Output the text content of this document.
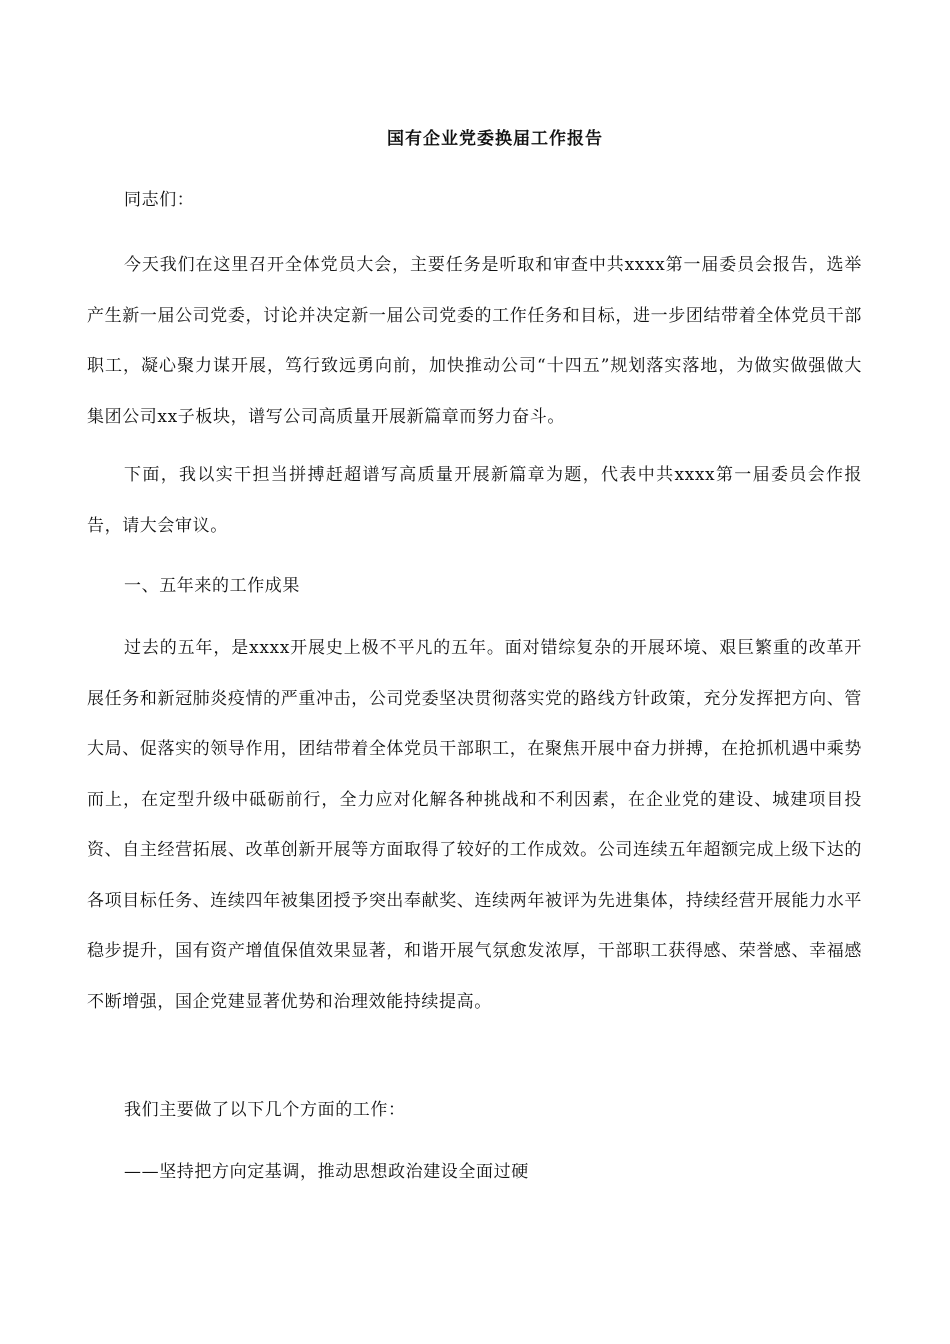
国有企业党委换届工作报告
同志们：
今天我们在这里召开全体党员大会，主要任务是听取和审查中共xxxx第一届委员会报告，选举产生新一届公司党委，讨论并决定新一届公司党委的工作任务和目标，进一步团结带着全体党员干部职工，凝心聚力谋开展，笃行致远勇向前，加快推动公司“十四五”规划落实落地，为做实做强做大集团公司xx子板块，谱写公司高质量开展新篇章而努力奋斗。
下面，我以实干担当拼搏赶超谱写高质量开展新篇章为题，代表中共xxxx第一届委员会作报告，请大会审议。
一、五年来的工作成果
过去的五年，是xxxx开展史上极不平凡的五年。面对错综复杂的开展环境、艰巨繁重的改革开展任务和新冠肺炎疫情的严重冲击，公司党委坚决贯彻落实党的路线方针政策，充分发挥把方向、管大局、促落实的领导作用，团结带着全体党员干部职工，在聚焦开展中奋力拼搏，在抢抓机遇中乘势而上，在定型升级中砥砺前行，全力应对化解各种挑战和不利因素，在企业党的建设、城建项目投资、自主经营拓展、改革创新开展等方面取得了较好的工作成效。公司连续五年超额完成上级下达的各项目标任务、连续四年被集团授予突出奉献奖、连续两年被评为先进集体，持续经营开展能力水平稳步提升，国有资产增值保值效果显著，和谐开展气氛愈发浓厚，干部职工获得感、荣誉感、幸福感不断增强，国企党建显著优势和治理效能持续提高。
我们主要做了以下几个方面的工作：
——坚持把方向定基调，推动思想政治建设全面过硬
